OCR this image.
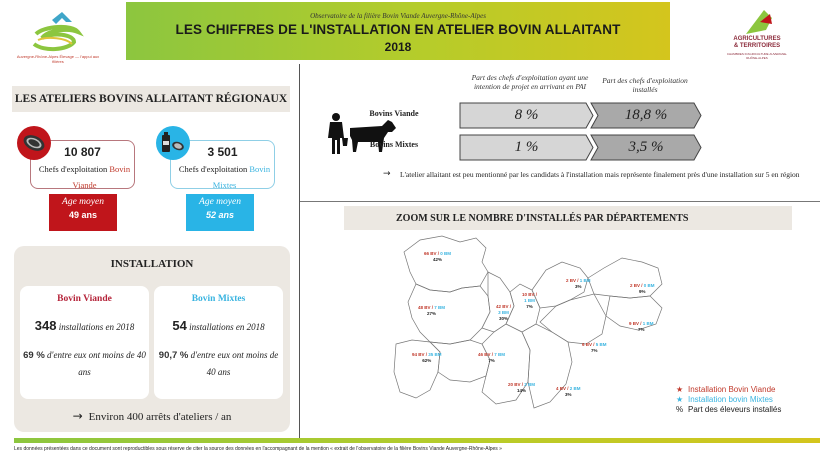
Auvergne-Rhône-Alpes Élevage — l'appui aux filières
Observatoire de la filière Bovin Viande Auvergne-Rhône-Alpes
LES CHIFFRES DE L'INSTALLATION EN ATELIER BOVIN ALLAITANT
2018
AGRICULTURES
& TERRITOIRES
CHAMBRES D'AGRICULTURE AUVERGNE-RHÔNE-ALPES
LES ATELIERS BOVINS ALLAITANT RÉGIONAUX
10 807
Chefs d'exploitation Bovin Viande
3 501
Chefs d'exploitation Bovin Mixtes
Age moyen
49 ans
Age moyen
52 ans
INSTALLATION
Bovin Viande
348 installations en 2018
69 % d'entre eux ont moins de 40 ans
Bovin Mixtes
54 installations en 2018
90,7 % d'entre eux ont moins de 40 ans
→ Environ 400 arrêts d'ateliers / an
Part des chefs d'exploitation ayant une intention de projet en arrivant en PAI
Part des chefs d'exploitation installés
Bovins Viande
Bovins Mixtes
8 %	18,8 %
1 %	3,5 %
→ L'atelier allaitant est peu mentionné par les candidats à l'installation mais représente finalement près d'une installation sur 5 en région
ZOOM SUR LE NOMBRE D'INSTALLÉS PAR DÉPARTEMENTS
66 BV / 0 BM
42%
48 BV / 7 BM
27%
42 BV /
3 BM
30%
10 BV /
1 BM
7%
2 BV / 1 BM
3%	2 BV / 0 BM
9%
9 BV / 1 BM
7%
6 BV / 5 BM
7%
94 BV / 35 BM
62%
46 BV / 7 BM
7%
20 BV / 2 BM
14%	4 BV / 2 BM
3%
★ Installation Bovin Viande
★ Installation bovin Mixtes
% Part des éleveurs installés
Les données présentées dans ce document sont reproductibles sous réserve de citer la source des données en l'accompagnant de la mention « extrait de l'observatoire de la filière Bovins Viande Auvergne-Rhône-Alpes »
